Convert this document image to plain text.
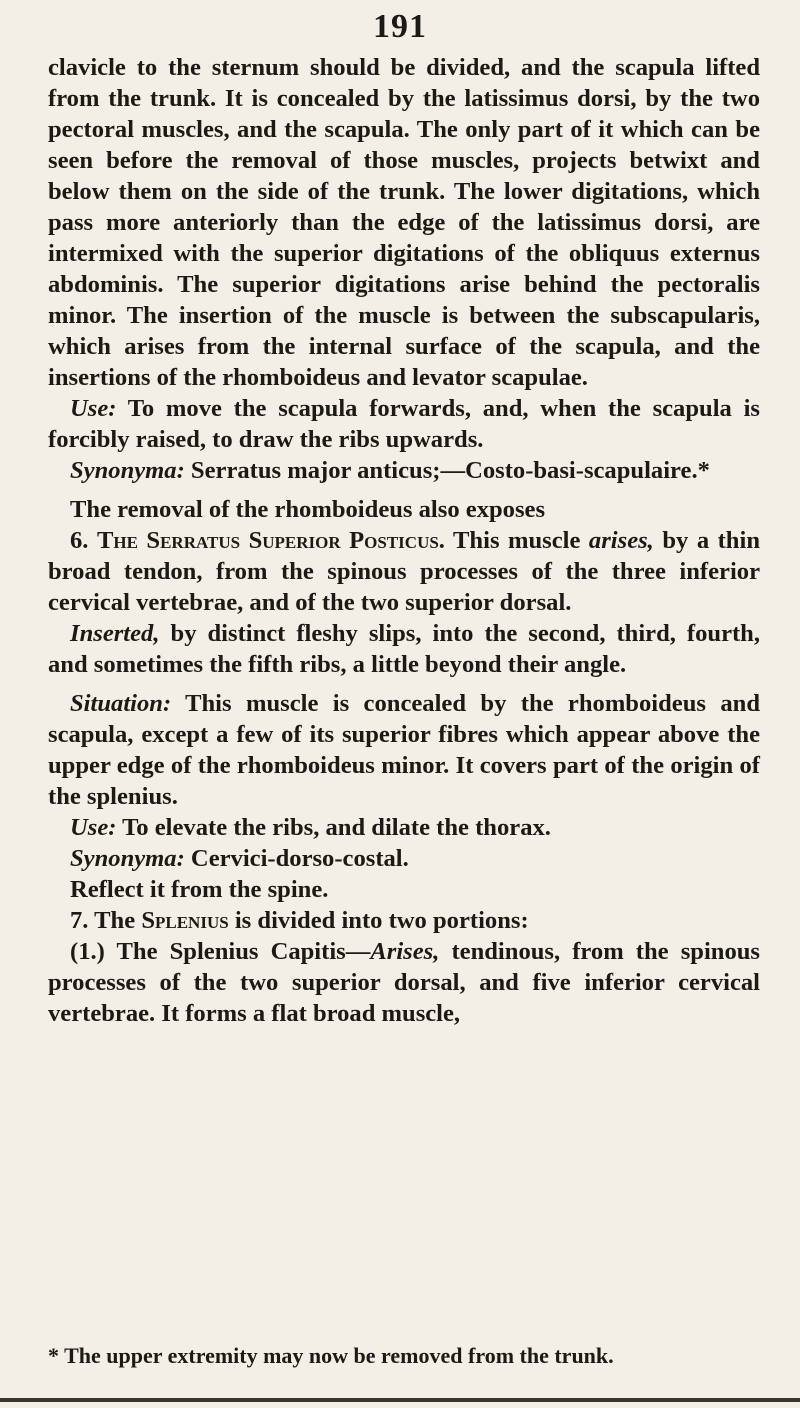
191

clavicle to the sternum should be divided, and the scapula lifted from the trunk. It is concealed by the latissimus dorsi, by the two pectoral muscles, and the scapula. The only part of it which can be seen before the removal of those muscles, projects betwixt and below them on the side of the trunk. The lower digitations, which pass more anteriorly than the edge of the latissimus dorsi, are intermixed with the superior digitations of the obliquus externus abdominis. The superior digitations arise behind the pectoralis minor. The insertion of the muscle is between the subscapularis, which arises from the internal surface of the scapula, and the insertions of the rhomboideus and levator scapulae.

Use: To move the scapula forwards, and, when the scapula is forcibly raised, to draw the ribs upwards.

Synonyma: Serratus major anticus;—Costo-basi-scapulaire.*

The removal of the rhomboideus also exposes

6. The Serratus Superior Posticus. This muscle arises, by a thin broad tendon, from the spinous processes of the three inferior cervical vertebrae, and of the two superior dorsal.

Inserted, by distinct fleshy slips, into the second, third, fourth, and sometimes the fifth ribs, a little beyond their angle.

Situation: This muscle is concealed by the rhomboideus and scapula, except a few of its superior fibres which appear above the upper edge of the rhomboideus minor. It covers part of the origin of the splenius.

Use: To elevate the ribs, and dilate the thorax.

Synonyma: Cervici-dorso-costal.

Reflect it from the spine.

7. The Splenius is divided into two portions:

(1.) The Splenius Capitis—Arises, tendinous, from the spinous processes of the two superior dorsal, and five inferior cervical vertebrae. It forms a flat broad muscle,

* The upper extremity may now be removed from the trunk.
